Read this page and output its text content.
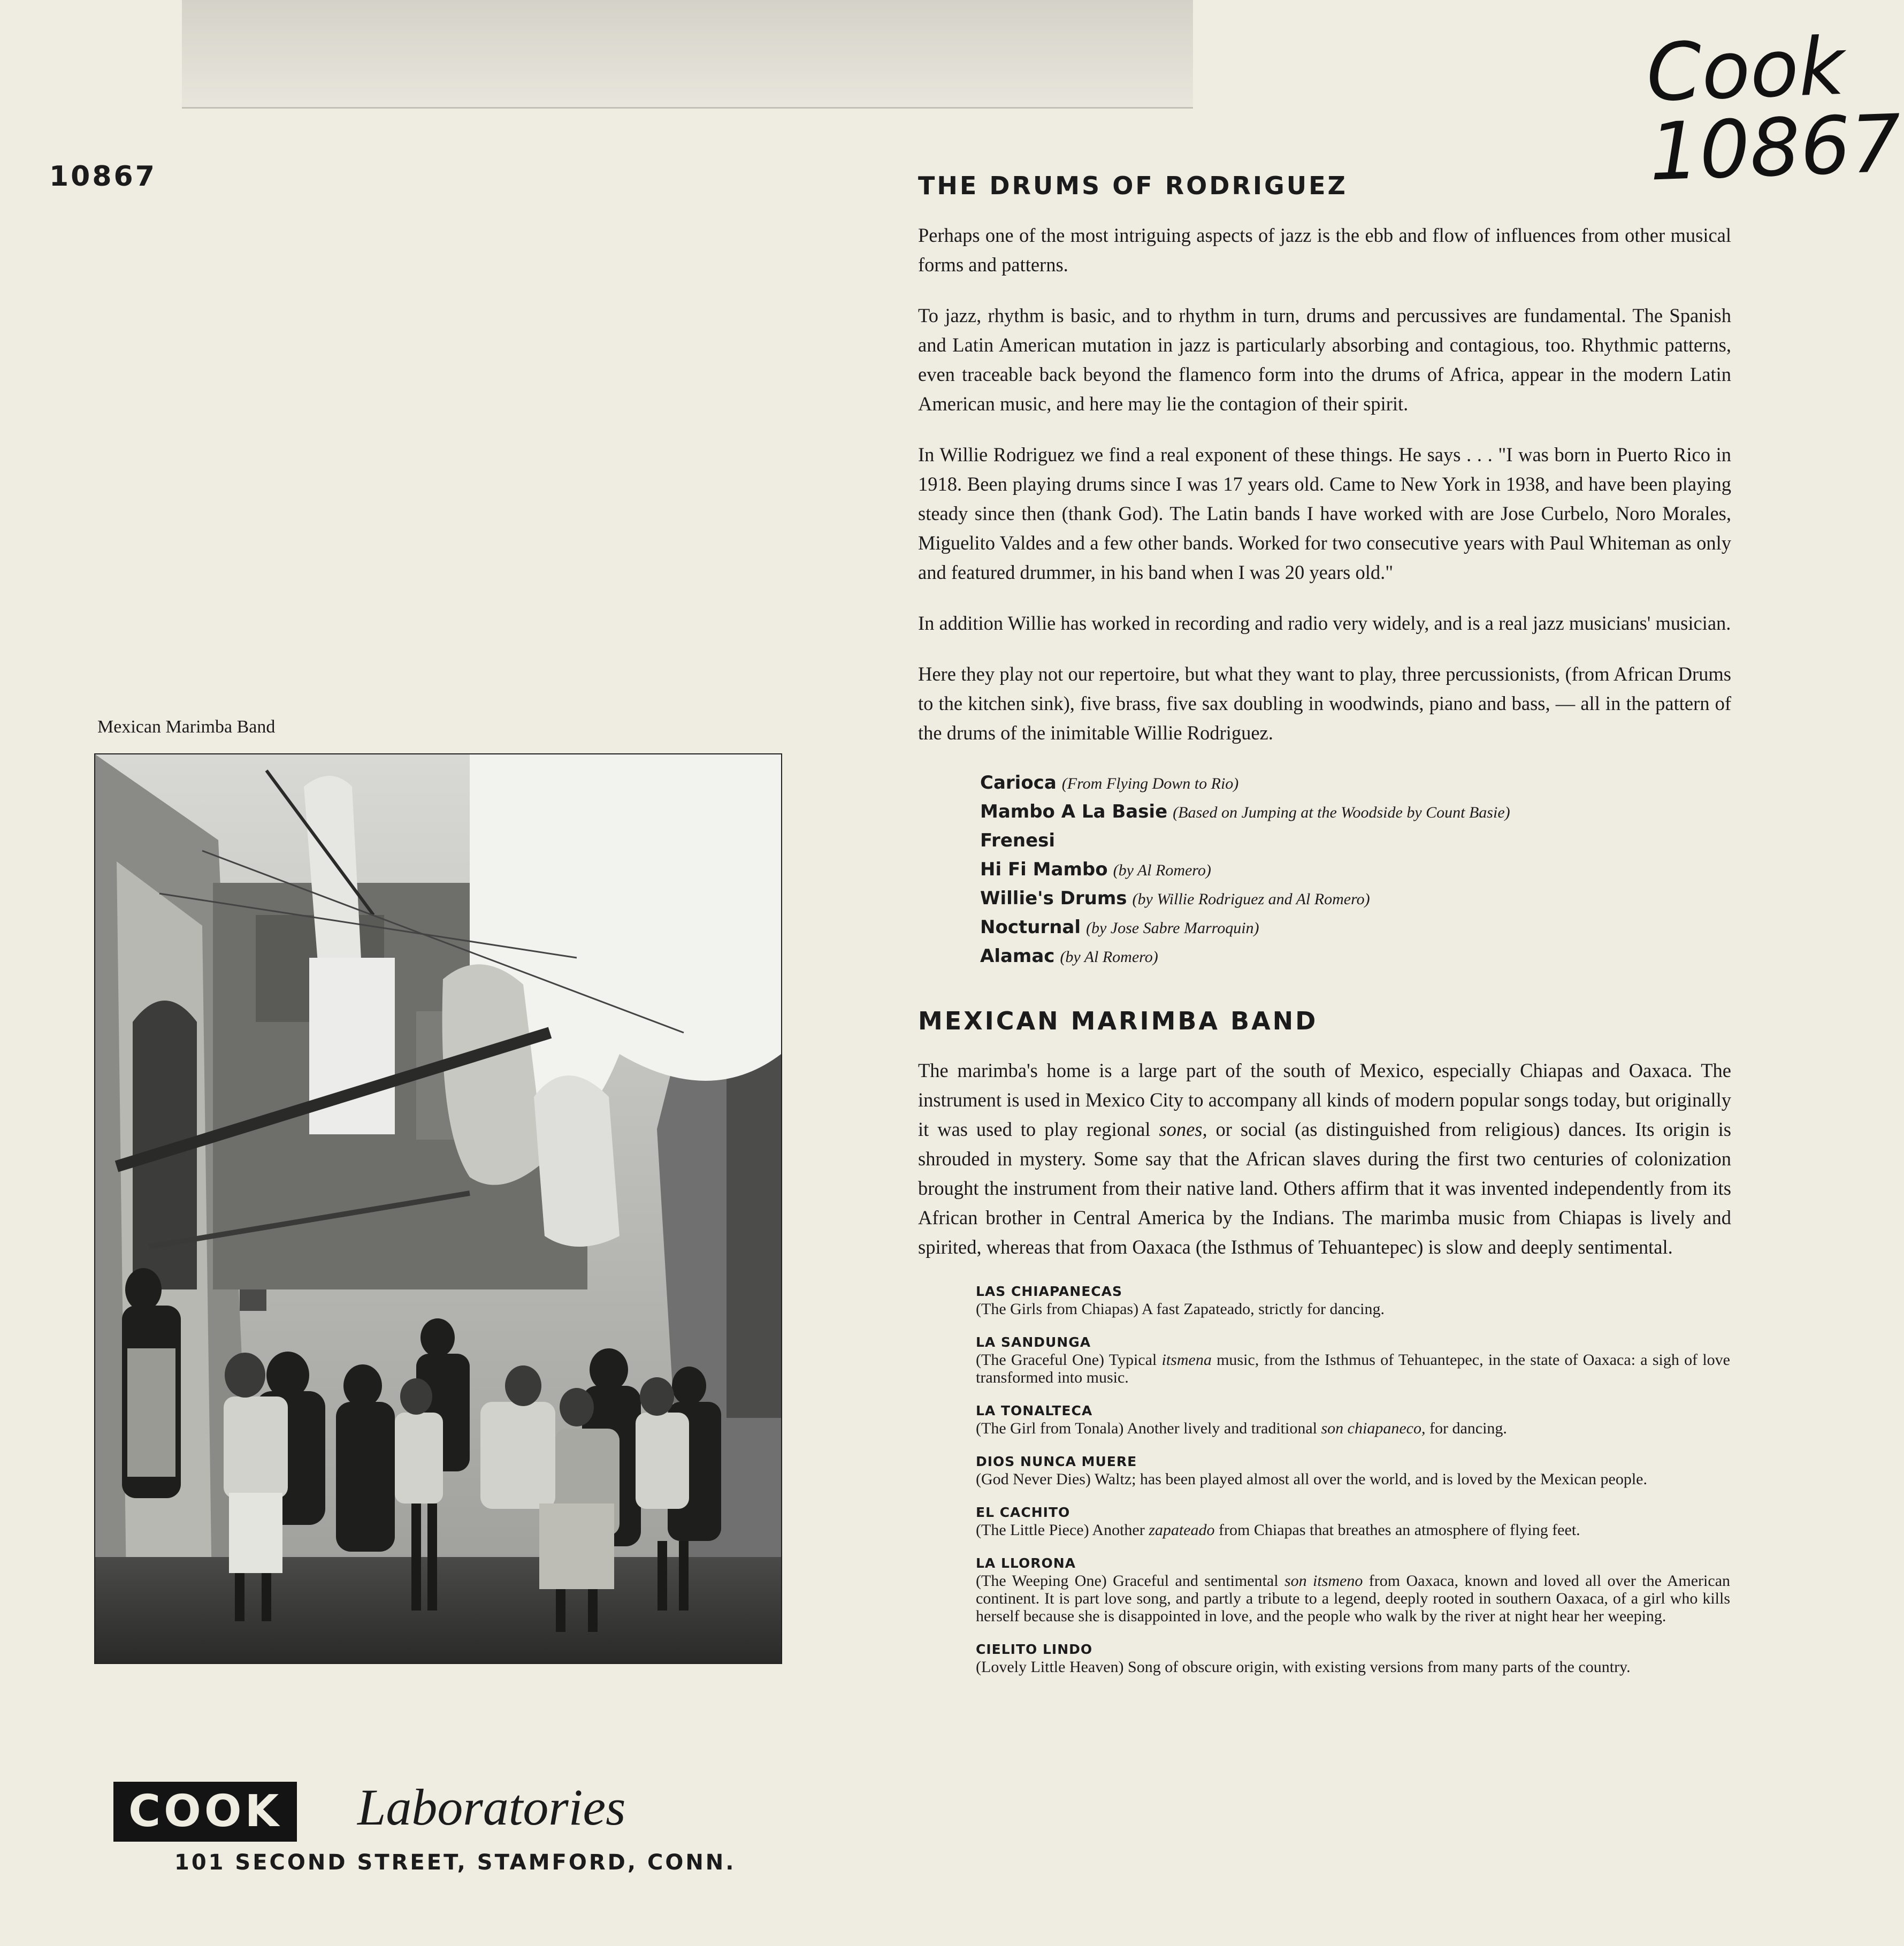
10867

Cook
10867

Mexican Marimba Band

COOK Laboratories

101 SECOND STREET, STAMFORD, CONN.

THE DRUMS OF RODRIGUEZ

Perhaps one of the most intriguing aspects of jazz is the ebb and flow of influences from other musical forms and patterns.

To jazz, rhythm is basic, and to rhythm in turn, drums and percussives are fundamental. The Spanish and Latin American mutation in jazz is particularly absorbing and contagious, too. Rhythmic patterns, even traceable back beyond the flamenco form into the drums of Africa, appear in the modern Latin American music, and here may lie the contagion of their spirit.

In Willie Rodriguez we find a real exponent of these things. He says . . . "I was born in Puerto Rico in 1918. Been playing drums since I was 17 years old. Came to New York in 1938, and have been playing steady since then (thank God). The Latin bands I have worked with are Jose Curbelo, Noro Morales, Miguelito Valdes and a few other bands. Worked for two consecutive years with Paul Whiteman as only and featured drummer, in his band when I was 20 years old."

In addition Willie has worked in recording and radio very widely, and is a real jazz musicians' musician.

Here they play not our repertoire, but what they want to play, three percussionists, (from African Drums to the kitchen sink), five brass, five sax doubling in woodwinds, piano and bass, — all in the pattern of the drums of the inimitable Willie Rodriguez.

Carioca (From Flying Down to Rio)
Mambo A La Basie (Based on Jumping at the Woodside by Count Basie)
Frenesi
Hi Fi Mambo (by Al Romero)
Willie's Drums (by Willie Rodriguez and Al Romero)
Nocturnal (by Jose Sabre Marroquin)
Alamac (by Al Romero)
MEXICAN MARIMBA BAND

The marimba's home is a large part of the south of Mexico, especially Chiapas and Oaxaca. The instrument is used in Mexico City to accompany all kinds of modern popular songs today, but originally it was used to play regional sones, or social (as distinguished from religious) dances. Its origin is shrouded in mystery. Some say that the African slaves during the first two centuries of colonization brought the instrument from their native land. Others affirm that it was invented independently from its African brother in Central America by the Indians. The marimba music from Chiapas is lively and spirited, whereas that from Oaxaca (the Isthmus of Tehuantepec) is slow and deeply sentimental.

LAS CHIAPANECAS
(The Girls from Chiapas) A fast Zapateado, strictly for dancing.
LA SANDUNGA
(The Graceful One) Typical itsmena music, from the Isthmus of Tehuantepec, in the state of Oaxaca: a sigh of love transformed into music.
LA TONALTECA
(The Girl from Tonala) Another lively and traditional son chiapaneco, for dancing.
DIOS NUNCA MUERE
(God Never Dies) Waltz; has been played almost all over the world, and is loved by the Mexican people.
EL CACHITO
(The Little Piece) Another zapateado from Chiapas that breathes an atmosphere of flying feet.
LA LLORONA
(The Weeping One) Graceful and sentimental son itsmeno from Oaxaca, known and loved all over the American continent. It is part love song, and partly a tribute to a legend, deeply rooted in southern Oaxaca, of a girl who kills herself because she is disappointed in love, and the people who walk by the river at night hear her weeping.
CIELITO LINDO
(Lovely Little Heaven) Song of obscure origin, with existing versions from many parts of the country.
